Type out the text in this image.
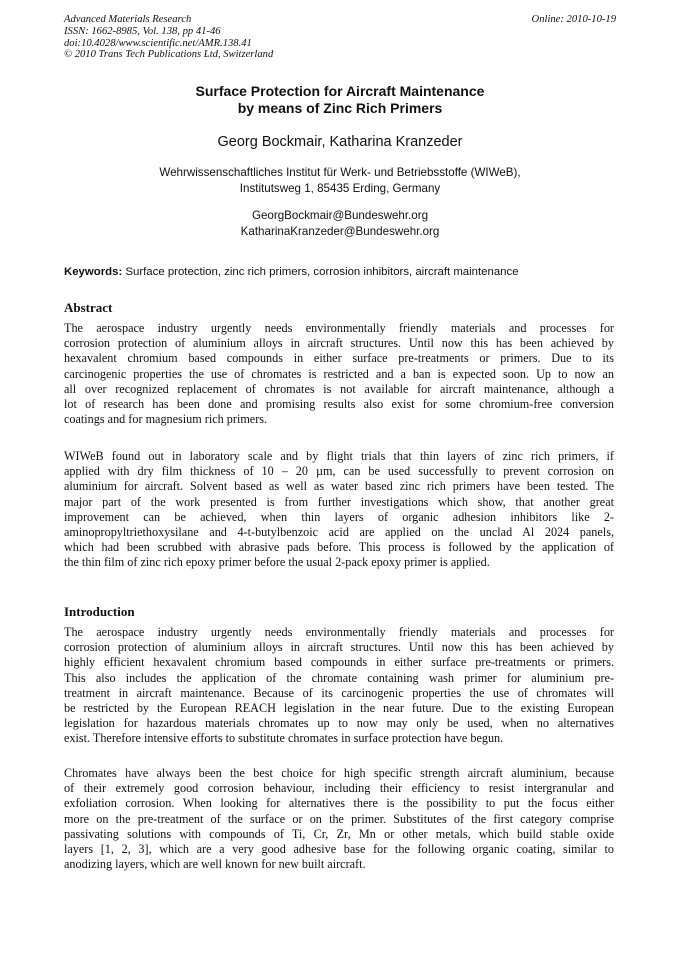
Advanced Materials Research
ISSN: 1662-8985, Vol. 138, pp 41-46
doi:10.4028/www.scientific.net/AMR.138.41
© 2010 Trans Tech Publications Ltd, Switzerland
Online: 2010-10-19
Surface Protection for Aircraft Maintenance
by means of Zinc Rich Primers
Georg Bockmair, Katharina Kranzeder
Wehrwissenschaftliches Institut für Werk- und Betriebsstoffe (WIWeB),
Institutsweg 1, 85435 Erding, Germany
GeorgBockmair@Bundeswehr.org
KatharinaKranzeder@Bundeswehr.org
Keywords: Surface protection, zinc rich primers, corrosion inhibitors, aircraft maintenance
Abstract
The aerospace industry urgently needs environmentally friendly materials and processes for
corrosion protection of aluminium alloys in aircraft structures. Until now this has been achieved by
hexavalent chromium based compounds in either surface pre-treatments or primers. Due to its
carcinogenic properties the use of chromates is restricted and a ban is expected soon. Up to now an
all over recognized replacement of chromates is not available for aircraft maintenance, although a
lot of research has been done and promising results also exist for some chromium-free conversion
coatings and for magnesium rich primers.
WIWeB found out in laboratory scale and by flight trials that thin layers of zinc rich primers, if
applied with dry film thickness of 10 – 20 µm, can be used successfully to prevent corrosion on
aluminium for aircraft. Solvent based as well as water based zinc rich primers have been tested. The
major part of the work presented is from further investigations which show, that another great
improvement can be achieved, when thin layers of organic adhesion inhibitors like 2-
aminopropyltriethoxysilane and 4-t-butylbenzoic acid are applied on the unclad Al 2024 panels,
which had been scrubbed with abrasive pads before. This process is followed by the application of
the thin film of zinc rich epoxy primer before the usual 2-pack epoxy primer is applied.
Introduction
The aerospace industry urgently needs environmentally friendly materials and processes for
corrosion protection of aluminium alloys in aircraft structures. Until now this has been achieved by
highly efficient hexavalent chromium based compounds in either surface pre-treatments or primers.
This also includes the application of the chromate containing wash primer for aluminium pre-
treatment in aircraft maintenance. Because of its carcinogenic properties the use of chromates will
be restricted by the European REACH legislation in the near future. Due to the existing European
legislation for hazardous materials chromates up to now may only be used, when no alternatives
exist. Therefore intensive efforts to substitute chromates in surface protection have begun.
Chromates have always been the best choice for high specific strength aircraft aluminium, because
of their extremely good corrosion behaviour, including their efficiency to resist intergranular and
exfoliation corrosion. When looking for alternatives there is the possibility to put the focus either
more on the pre-treatment of the surface or on the primer. Substitutes of the first category comprise
passivating solutions with compounds of Ti, Cr, Zr, Mn or other metals, which build stable oxide
layers [1, 2, 3], which are a very good adhesive base for the following organic coating, similar to
anodizing layers, which are well known for new built aircraft.
